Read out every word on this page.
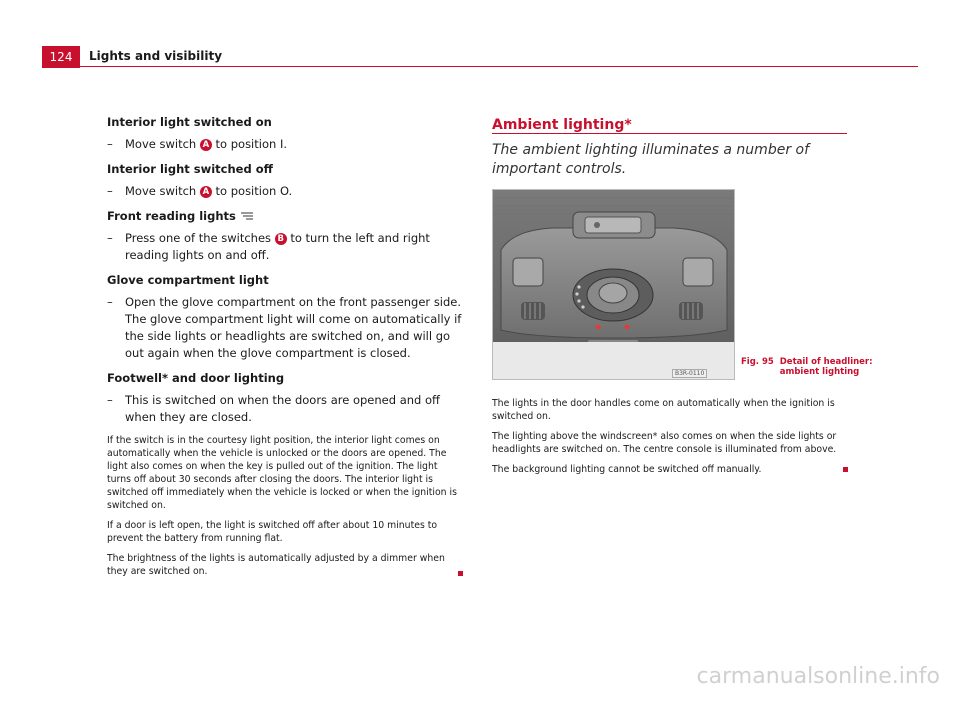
124	Lights and visibility
Interior light switched on
–	Move switch A to position I.
Interior light switched off
–	Move switch A to position O.
Front reading lights
–	Press one of the switches B to turn the left and right reading lights on and off.
Glove compartment light
–	Open the glove compartment on the front passenger side. The glove compartment light will come on automatically if the side lights or headlights are switched on, and will go out again when the glove compartment is closed.
Footwell* and door lighting
–	This is switched on when the doors are opened and off when they are closed.

If the switch is in the courtesy light position, the interior light comes on automatically when the vehicle is unlocked or the doors are opened. The light also comes on when the key is pulled out of the ignition. The light turns off about 30 seconds after closing the doors. The interior light is switched off immediately when the vehicle is locked or when the ignition is switched on.

If a door is left open, the light is switched off after about 10 minutes to prevent the battery from running flat.

The brightness of the lights is automatically adjusted by a dimmer when they are switched on.

Ambient lighting*
The ambient lighting illuminates a number of important controls.
B3R-0110
Fig. 95 Detail of headliner: ambient lighting

The lights in the door handles come on automatically when the ignition is switched on.

The lighting above the windscreen* also comes on when the side lights or headlights are switched on. The centre console is illuminated from above.

The background lighting cannot be switched off manually.

carmanualsonline.info
